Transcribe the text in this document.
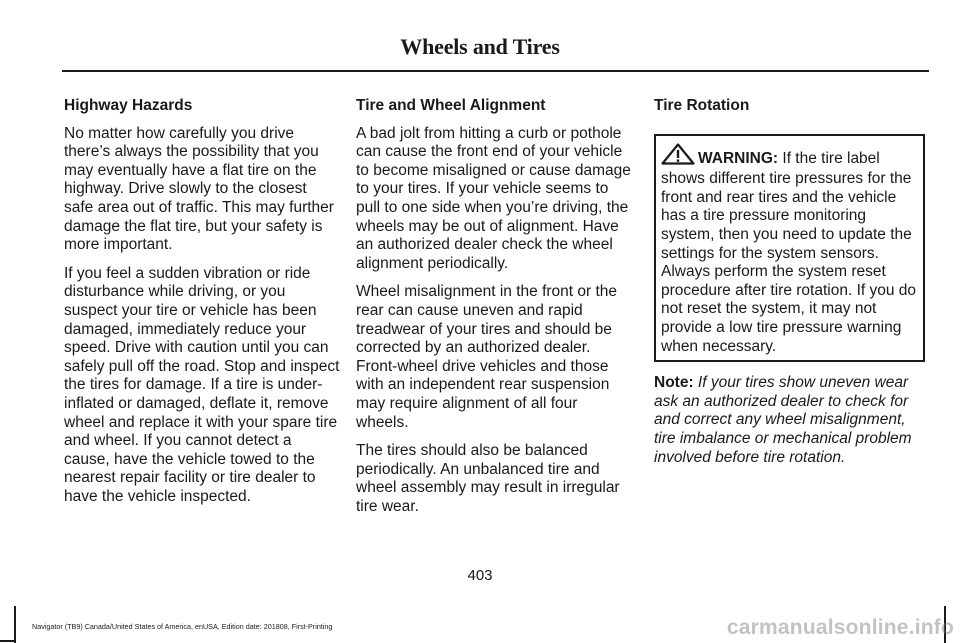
Wheels and Tires
Highway Hazards

No matter how carefully you drive there’s always the possibility that you may eventually have a flat tire on the highway. Drive slowly to the closest safe area out of traffic. This may further damage the flat tire, but your safety is more important.

If you feel a sudden vibration or ride disturbance while driving, or you suspect your tire or vehicle has been damaged, immediately reduce your speed. Drive with caution until you can safely pull off the road. Stop and inspect the tires for damage. If a tire is under-inflated or damaged, deflate it, remove wheel and replace it with your spare tire and wheel. If you cannot detect a cause, have the vehicle towed to the nearest repair facility or tire dealer to have the vehicle inspected.

Tire and Wheel Alignment

A bad jolt from hitting a curb or pothole can cause the front end of your vehicle to become misaligned or cause damage to your tires. If your vehicle seems to pull to one side when you’re driving, the wheels may be out of alignment. Have an authorized dealer check the wheel alignment periodically.

Wheel misalignment in the front or the rear can cause uneven and rapid treadwear of your tires and should be corrected by an authorized dealer. Front-wheel drive vehicles and those with an independent rear suspension may require alignment of all four wheels.

The tires should also be balanced periodically. An unbalanced tire and wheel assembly may result in irregular tire wear.

Tire Rotation
WARNING: If the tire label shows different tire pressures for the front and rear tires and the vehicle has a tire pressure monitoring system, then you need to update the settings for the system sensors. Always perform the system reset procedure after tire rotation. If you do not reset the system, it may not provide a low tire pressure warning when necessary.

Note: If your tires show uneven wear ask an authorized dealer to check for and correct any wheel misalignment, tire imbalance or mechanical problem involved before tire rotation.

403
Navigator (TB9) Canada/United States of America, enUSA, Edition date: 201808, First-Printing	carmanualsonline.info
